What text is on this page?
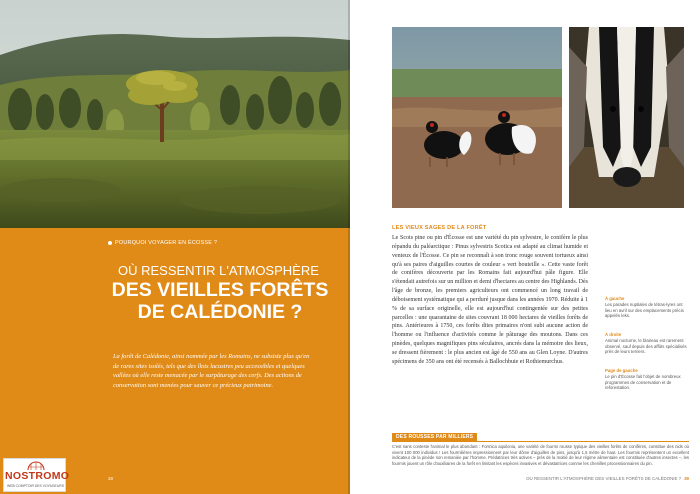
POURQUOI VOYAGER EN ÉCOSSE ?
OÙ RESSENTIR L'ATMOSPHÈRE
DES VIEILLES FORÊTS
DE CALÉDONIE ?

La forêt de Calédonie, ainsi nommée par les Romains, ne subsiste plus qu'en de rares sites isolés, tels que des îlots lacustres peu accessibles et quelques vallées où elle reste menacée par le surpâturage des cerfs. Des actions de conservation sont menées pour sauver ce précieux patrimoine.

38
NOSTROMO
WEB COMPTOIR DES VOYAGEURS
LES VIEUX SAGES DE LA FORÊT

Le Scots pine ou pin d'Écosse est une variété du pin sylvestre, le conifère le plus répandu du paléarctique : Pinus sylvestris Scotica est adapté au climat humide et venteux de l'Écosse. Ce pin se reconnaît à son tronc rouge souvent tortueux ainsi qu'à ses paires d'aiguilles courtes de couleur « vert bouteille ». Cette vaste forêt de conifères découverte par les Romains fait aujourd'hui pâle figure. Elle s'étendait autrefois sur un million et demi d'hectares au centre des Highlands. Dès l'âge de bronze, les premiers agriculteurs ont commencé un long travail de déboisement systématique qui a perduré jusque dans les années 1970. Réduite à 1 % de sa surface originelle, elle est aujourd'hui contingentée sur des petites parcelles : une quarantaine de sites couvrant 18 000 hectares de vieilles forêts de pins. Antérieures à 1750, ces forêts dites primaires n'ont subi aucune action de l'homme ou l'influence d'activités comme le pâturage des moutons. Dans ces pinèdes, quelques magnifiques pins séculaires, ancrés dans la mémoire des lieux, se dressent fièrement : le plus ancien est âgé de 550 ans au Glen Loyne. D'autres spécimens de 350 ans ont été recensés à Ballochbuie et Rothiemurchus.

À gauche
Les parades nuptiales de tétras-lyres ont lieu en avril sur des emplacements précis appelés leks.
À droite
Animal nocturne, le blaireau est rarement observé, sauf depuis des affûts spécialisés près de leurs terriers.
Page de gauche
Le pin d'Écosse fait l'objet de nombreux programmes de conservation et de reforestation.
DES ROUSSES PAR MILLIERS

C'est sans conteste l'animal le plus abondant : Formica aquilonia, une variété de fourmi rousse typique des vieilles forêts de conifères, constitue des nids où vivent 100 000 individus ! Les fourmilières impressionnent par leur dôme d'aiguilles de pins, jusqu'à 1,5 mètre de haut. Les fourmis représentent un excellent indicateur de la pinède non remaniée par l'homme. Prédatrices très actives – près de la moitié de leur régime alimentaire est constituée d'autres insectes –, les fourmis jouent un rôle d'auxiliaires de la forêt en limitant les espèces invasives et dévastatrices comme les chenilles processionnaires du pin.

OÙ RESSENTIR L'ATMOSPHÈRE DES VIEILLES FORÊTS DE CALÉDONIE ? 39
